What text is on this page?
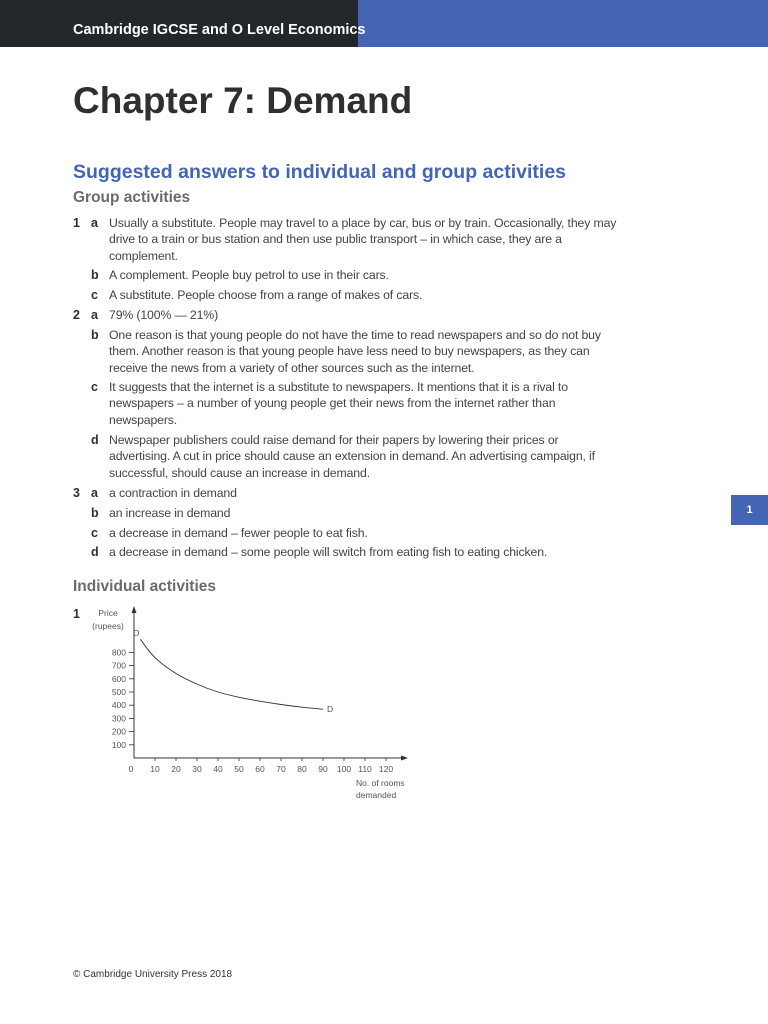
Cambridge IGCSE and O Level Economics
Chapter 7: Demand
Suggested answers to individual and group activities
Group activities
1 a Usually a substitute. People may travel to a place by car, bus or by train. Occasionally, they may drive to a train or bus station and then use public transport – in which case, they are a complement.
b A complement. People buy petrol to use in their cars.
c A substitute. People choose from a range of makes of cars.
2 a 79% (100% — 21%)
b One reason is that young people do not have the time to read newspapers and so do not buy them. Another reason is that young people have less need to buy newspapers, as they can receive the news from a variety of other sources such as the internet.
c It suggests that the internet is a substitute to newspapers. It mentions that it is a rival to newspapers – a number of young people get their news from the internet rather than newspapers.
d Newspaper publishers could raise demand for their papers by lowering their prices or advertising. A cut in price should cause an extension in demand. An advertising campaign, if successful, should cause an increase in demand.
3 a a contraction in demand
b an increase in demand
c a decrease in demand – fewer people to eat fish.
d a decrease in demand – some people will switch from eating fish to eating chicken.
1
Individual activities
1 Price
(rupees)
0
No. of rooms
demanded
10 20 30 40 50 60 70 80 90 100 110 120
100
200
300
400
500
600
700
800
D
D
© Cambridge University Press 2018
